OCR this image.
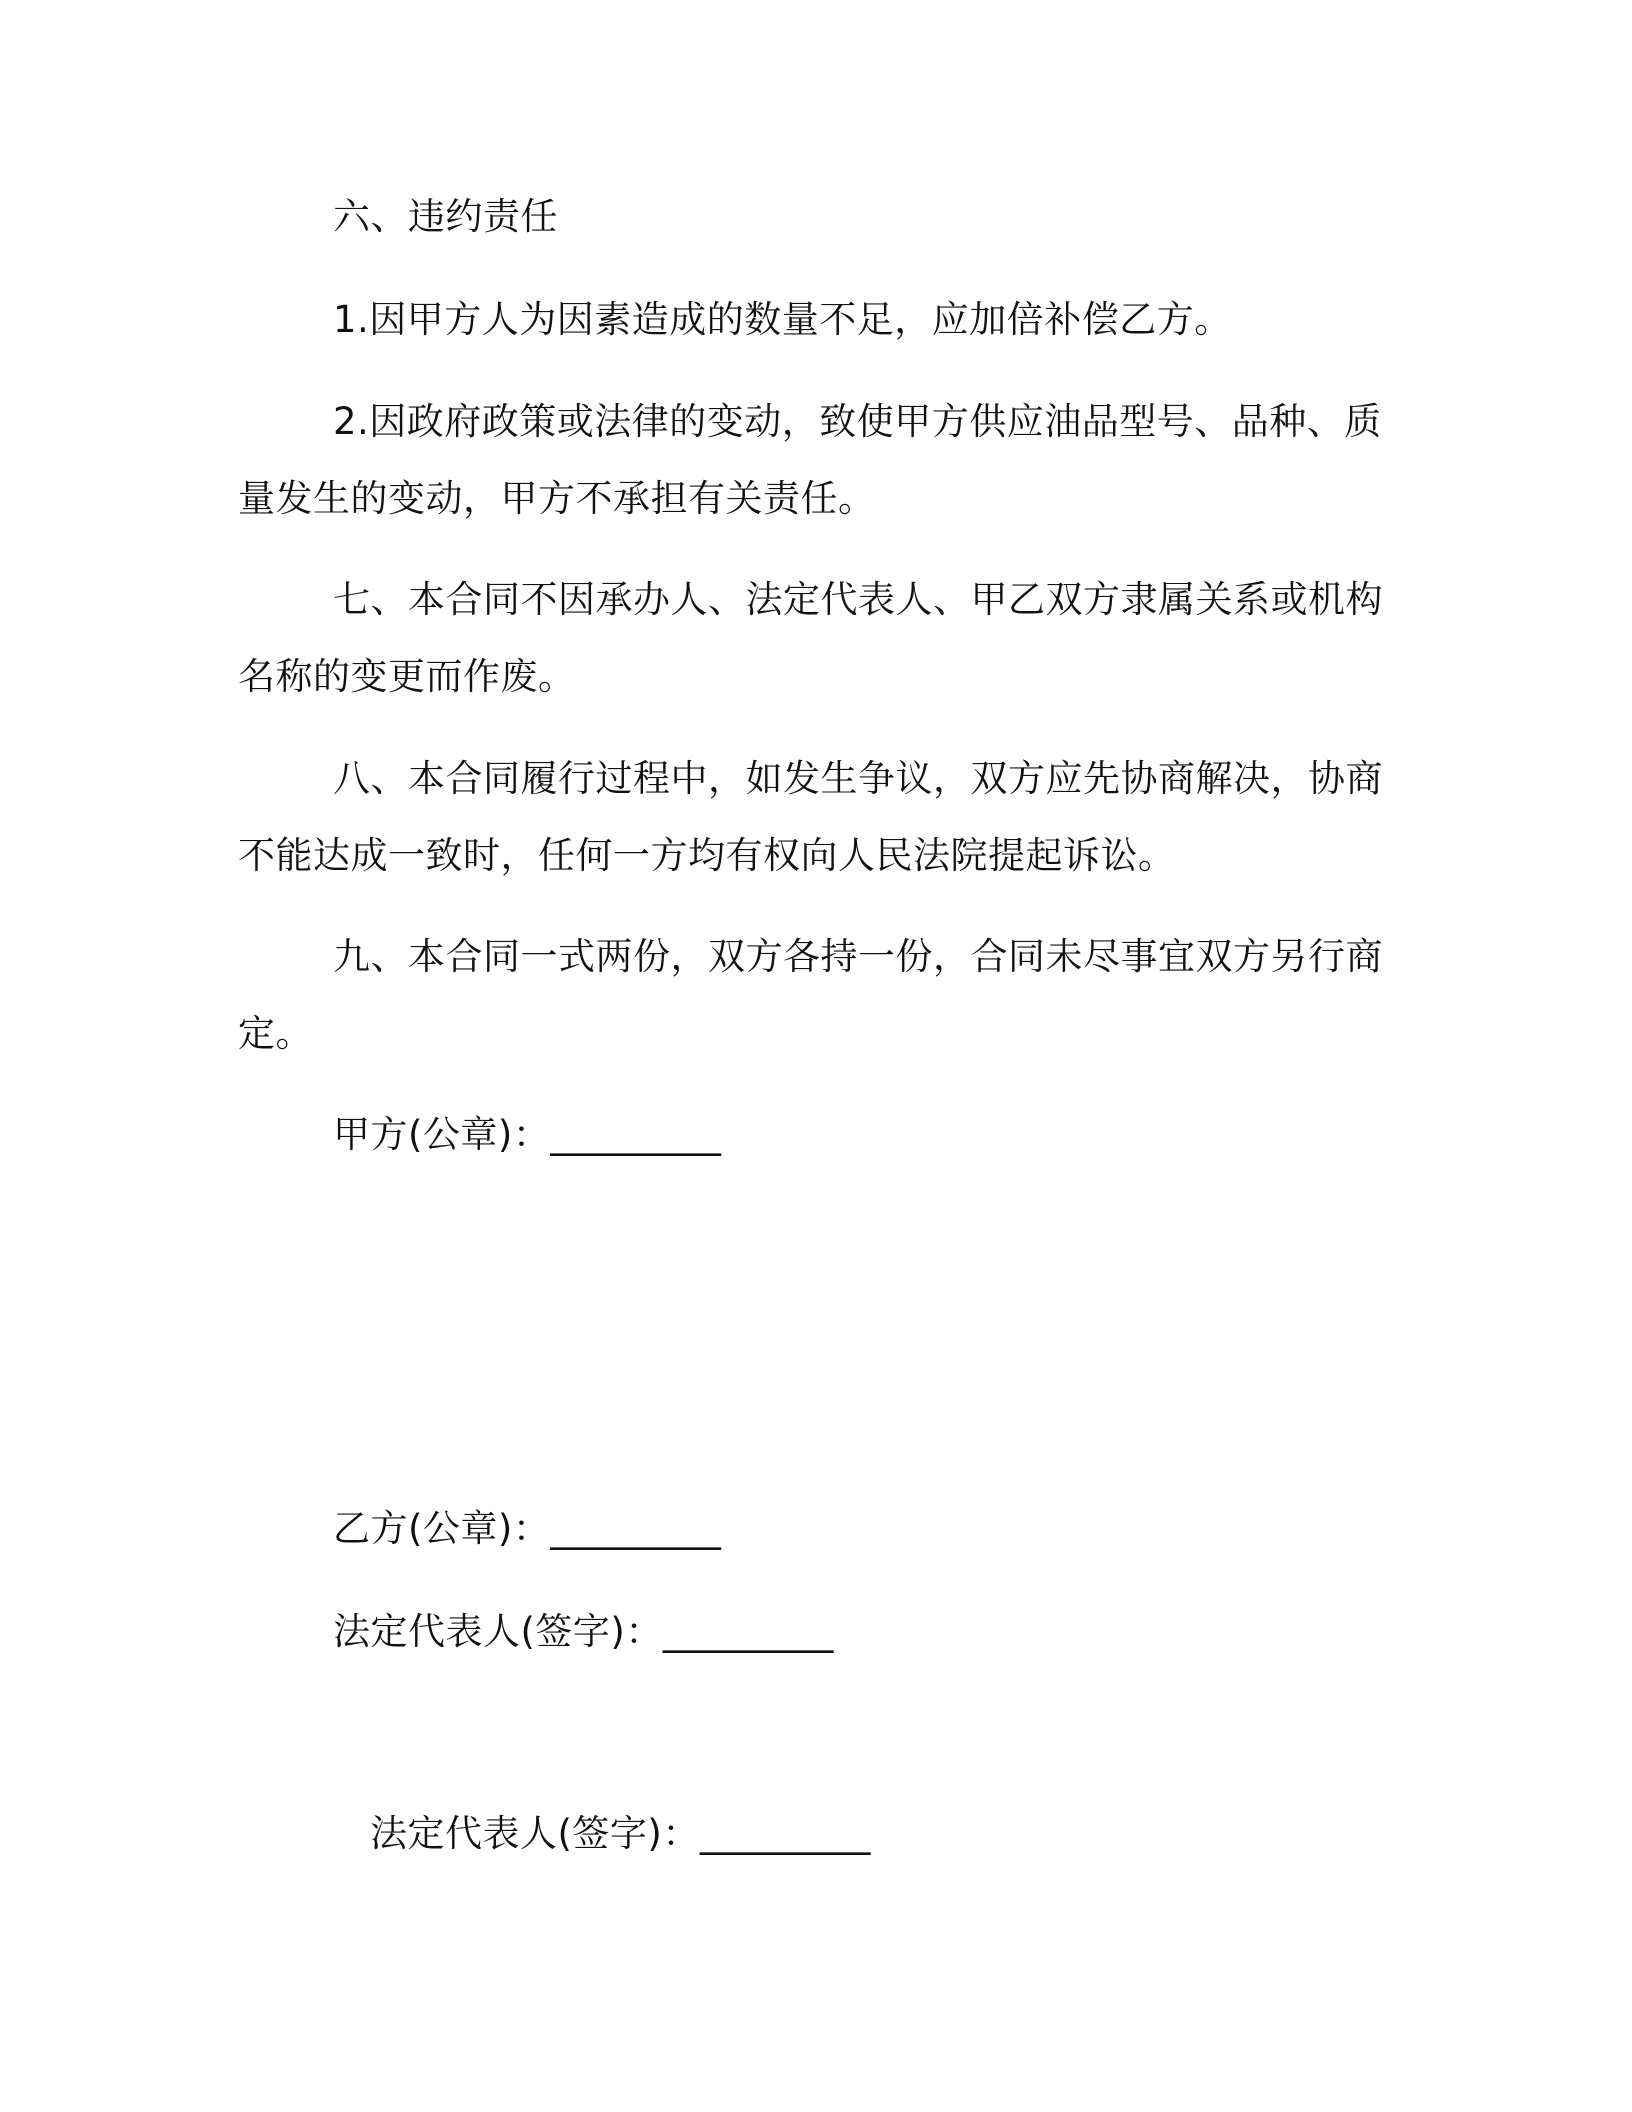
六、违约责任
1.因甲方人为因素造成的数量不足，应加倍补偿乙方。
2.因政府政策或法律的变动，致使甲方供应油品型号、品种、质
量发生的变动，甲方不承担有关责任。
七、本合同不因承办人、法定代表人、甲乙双方隶属关系或机构
名称的变更而作废。
八、本合同履行过程中，如发生争议，双方应先协商解决，协商
不能达成一致时，任何一方均有权向人民法院提起诉讼。
九、本合同一式两份，双方各持一份，合同未尽事宜双方另行商
定。
甲方(公章)：_________
乙方(公章)：_________
法定代表人(签字)：_________
法定代表人(签字)：_________
